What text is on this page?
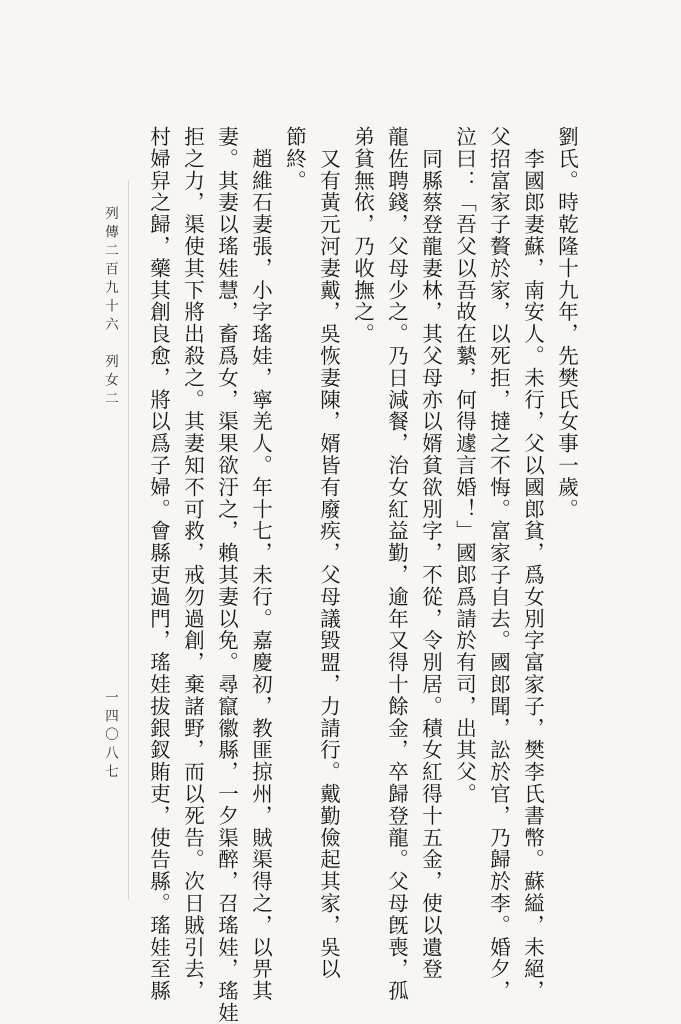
劉氏。時乾隆十九年，先樊氏女事一歲。
　李國郎妻蘇，南安人。未行，父以國郎貧，爲女別字富家子，樊李氏書幣。蘇縊，未絕，
父招富家子贅於家，以死拒，撻之不悔。富家子自去。國郎聞，訟於官，乃歸於李。婚夕，
泣曰：「吾父以吾故在縶，何得遽言婚！」國郎爲請於有司，出其父。
　同縣蔡登龍妻林，其父母亦以婿貧欲別字，不從，令別居。積女紅得十五金，使以遺登
龍佐聘錢，父母少之。乃日減餐，治女紅益勤，逾年又得十餘金，卒歸登龍。父母旣喪，孤
弟貧無依，乃收撫之。
　又有黃元河妻戴，吳恢妻陳，婿皆有廢疾，父母議毀盟，力請行。戴勤儉起其家，吳以
節終。
　趙維石妻張，小字瑤娃，寧羌人。年十七，未行。嘉慶初，教匪掠州，賊渠得之，以畀其
妻。其妻以瑤娃慧，畜爲女，渠果欲汙之，賴其妻以免。尋竄徽縣，一夕渠醉，召瑤娃，瑤娃
拒之力，渠使其下將出殺之。其妻知不可救，戒勿過創，棄諸野，而以死告。次日賊引去，
村婦舁之歸，藥其創良愈，將以爲子婦。會縣吏過門，瑤娃拔銀釵賄吏，使告縣。瑤娃至縣
列傳二百九十六　列女二
一四〇八七
